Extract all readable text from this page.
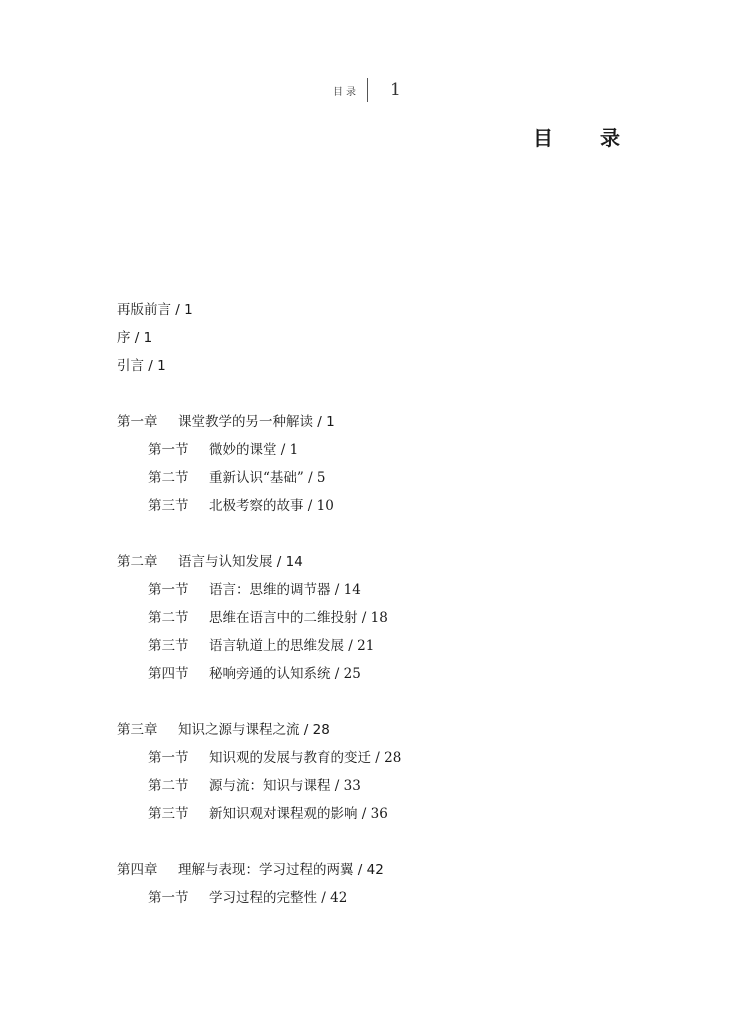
目录 1
目 录
再版前言 / 1
序 / 1
引言 / 1
第一章 课堂教学的另一种解读 / 1
第一节 微妙的课堂 / 1
第二节 重新认识“基础” / 5
第三节 北极考察的故事 / 10
第二章 语言与认知发展 / 14
第一节 语言：思维的调节器 / 14
第二节 思维在语言中的二维投射 / 18
第三节 语言轨道上的思维发展 / 21
第四节 秘响旁通的认知系统 / 25
第三章 知识之源与课程之流 / 28
第一节 知识观的发展与教育的变迁 / 28
第二节 源与流：知识与课程 / 33
第三节 新知识观对课程观的影响 / 36
第四章 理解与表现：学习过程的两翼 / 42
第一节 学习过程的完整性 / 42
